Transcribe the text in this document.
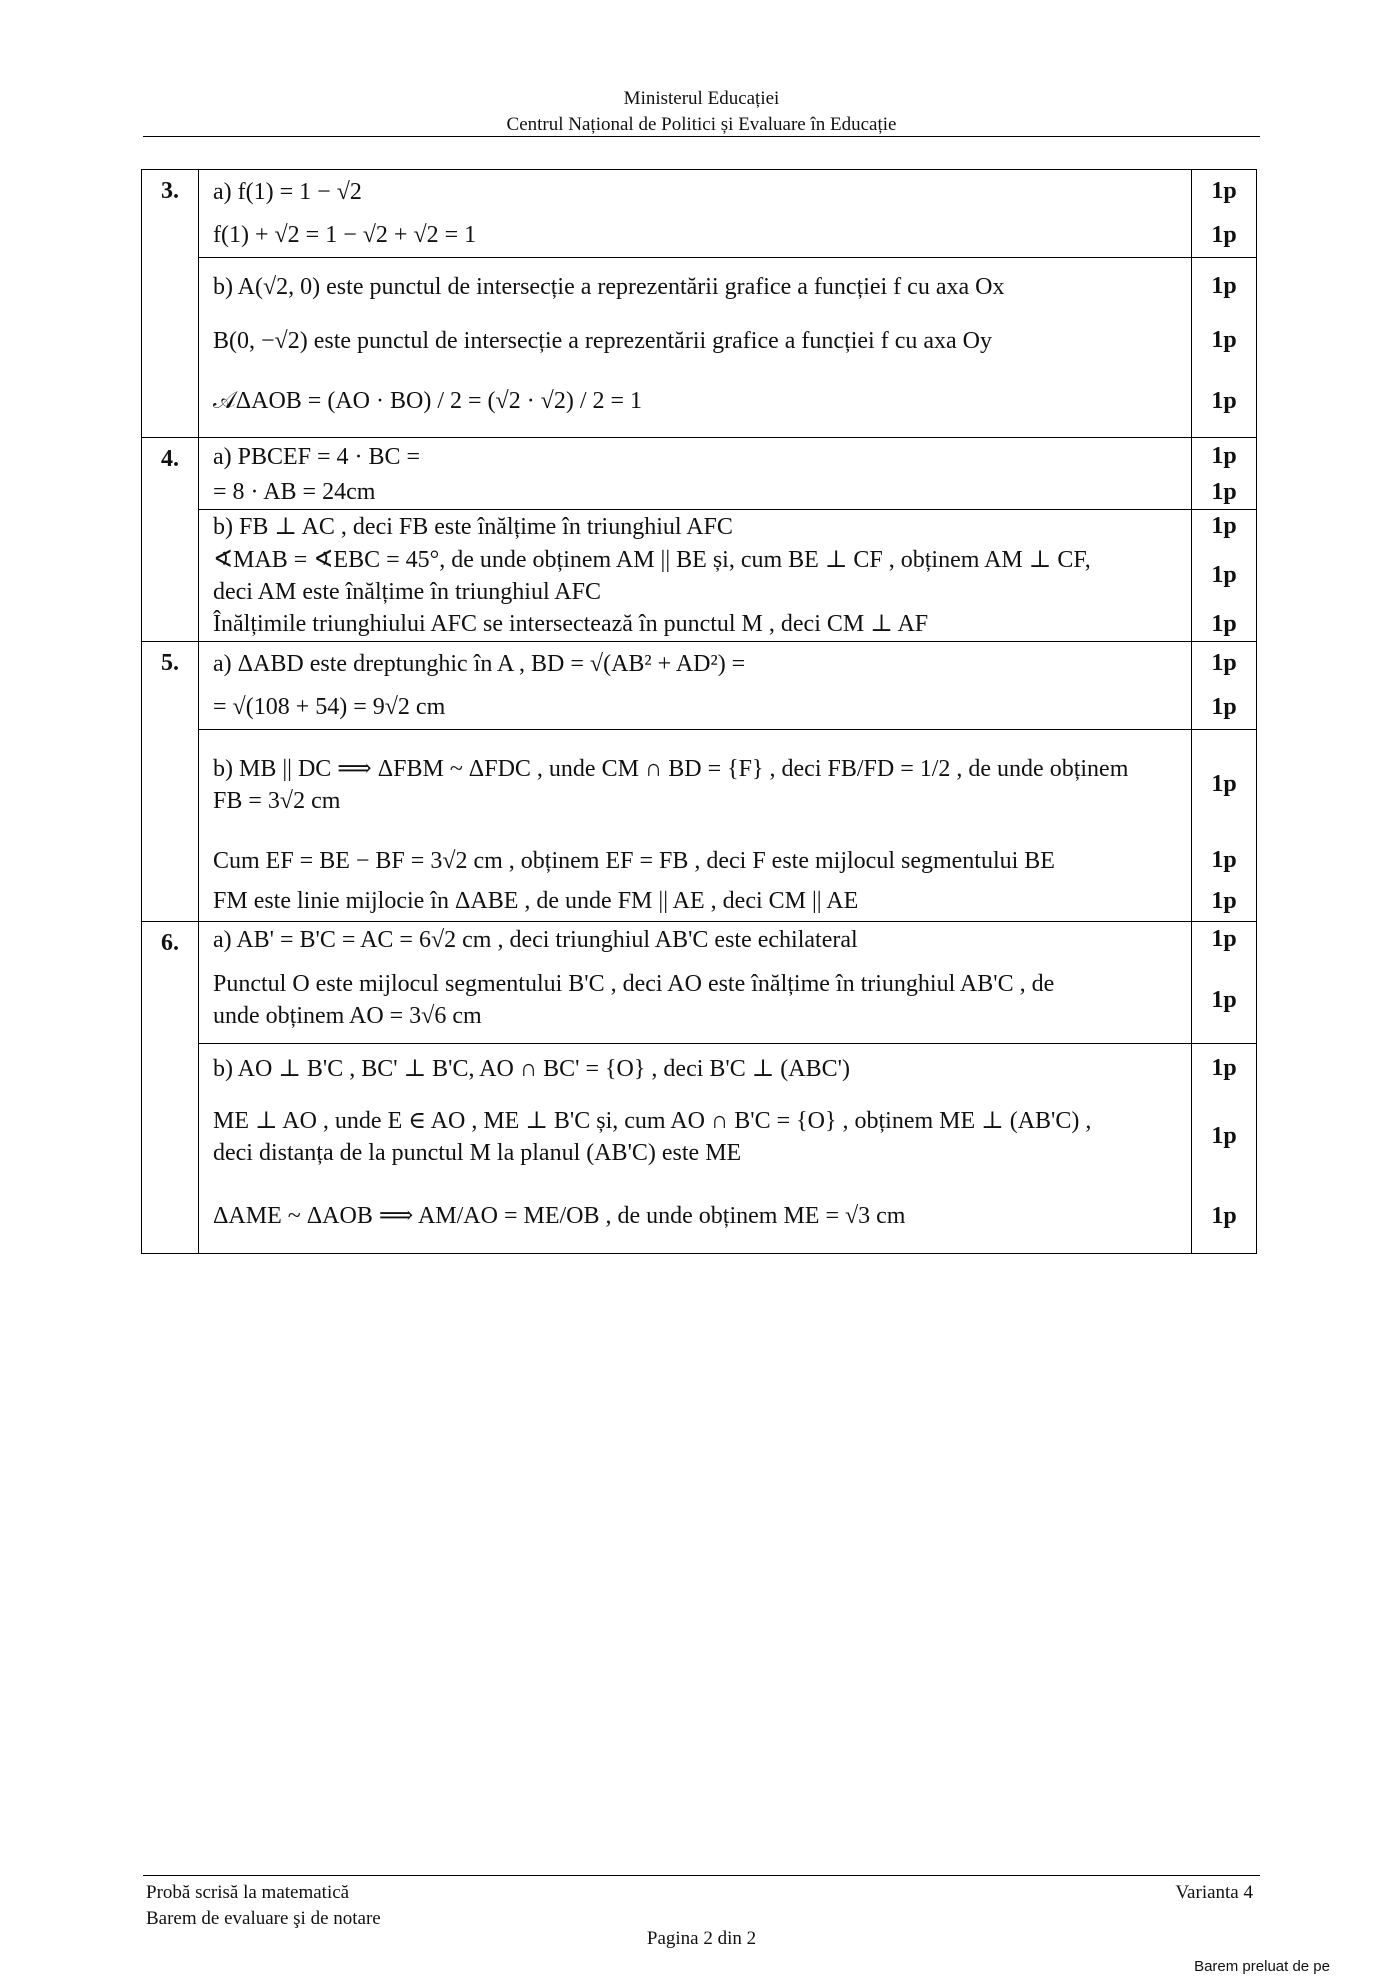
Ministerul Educației
Centrul Național de Politici și Evaluare în Educație
3.	a) f(1) = 1 − √2	1p

	f(1) + √2 = 1 − √2 + √2 = 1	1p

	b) A(√2, 0) este punctul de intersecție a reprezentării grafice a funcției f cu axa Ox	1p

	B(0, −√2) este punctul de intersecție a reprezentării grafice a funcției f cu axa Oy	1p

	𝒜ΔAOB = (AO · BO) / 2 = (√2 · √2) / 2 = 1	1p
4.	a) PBCEF = 4 · BC =	1p

	= 8 · AB = 24cm	1p

	b) FB ⊥ AC , deci FB este înălțime în triunghiul AFC	1p

	∢MAB = ∢EBC = 45°, de unde obținem AM || BE și, cum BE ⊥ CF , obținem AM ⊥ CF,
deci AM este înălțime în triunghiul AFC	1p

	Înălțimile triunghiului AFC se intersectează în punctul M , deci CM ⊥ AF	1p
5.	a) ΔABD este dreptunghic în A , BD = √(AB² + AD²) =	1p

	= √(108 + 54) = 9√2 cm	1p

	b) MB || DC ⟹ ΔFBM ~ ΔFDC , unde CM ∩ BD = {F} , deci FB/FD = 1/2 , de unde obținem
FB = 3√2 cm	1p

	Cum EF = BE − BF = 3√2 cm , obținem EF = FB , deci F este mijlocul segmentului BE	1p

	FM este linie mijlocie în ΔABE , de unde FM || AE , deci CM || AE	1p
6.	a) AB' = B'C = AC = 6√2 cm , deci triunghiul AB'C este echilateral	1p

	Punctul O este mijlocul segmentului B'C , deci AO este înălțime în triunghiul AB'C , de
unde obținem AO = 3√6 cm	1p

	b) AO ⊥ B'C , BC' ⊥ B'C, AO ∩ BC' = {O} , deci B'C ⊥ (ABC')	1p

	ME ⊥ AO , unde E ∈ AO , ME ⊥ B'C și, cum AO ∩ B'C = {O} , obținem ME ⊥ (AB'C) ,
deci distanța de la punctul M la planul (AB'C) este ME	1p

	ΔAME ~ ΔAOB ⟹ AM/AO = ME/OB , de unde obținem ME = √3 cm	1p
Probă scrisă la matematică
Barem de evaluare şi de notare
Varianta 4
Pagina 2 din 2
Barem preluat de pe
